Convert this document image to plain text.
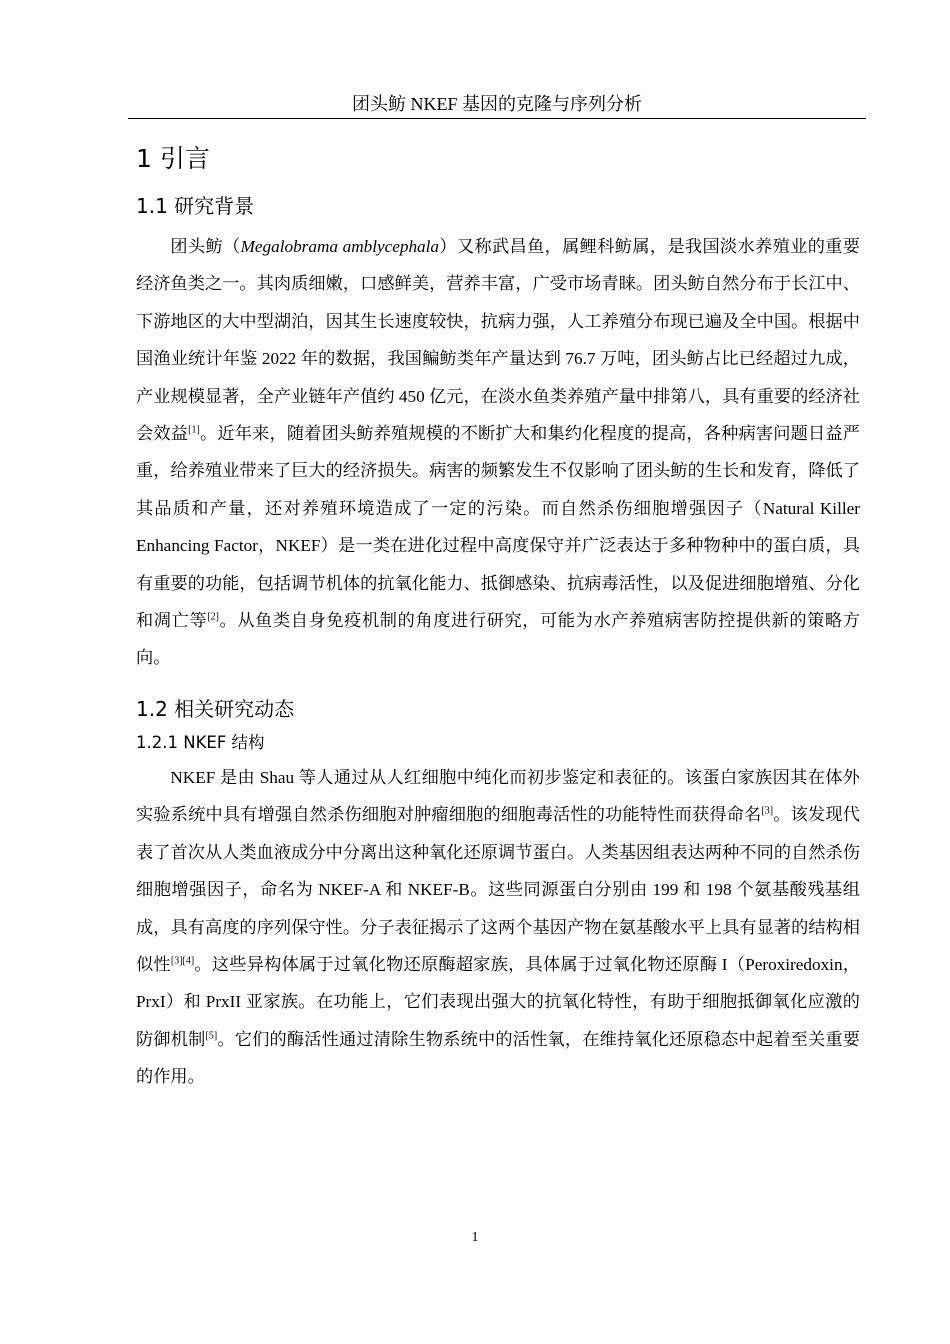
团头鲂 NKEF 基因的克隆与序列分析
1 引言
1.1 研究背景

团头鲂（Megalobrama amblycephala）又称武昌鱼，属鲤科鲂属，是我国淡水养殖业的重要经济鱼类之一。其肉质细嫩，口感鲜美，营养丰富，广受市场青睐。团头鲂自然分布于长江中、下游地区的大中型湖泊，因其生长速度较快，抗病力强，人工养殖分布现已遍及全中国。根据中国渔业统计年鉴 2022 年的数据，我国鳊鲂类年产量达到 76.7 万吨，团头鲂占比已经超过九成，产业规模显著，全产业链年产值约 450 亿元，在淡水鱼类养殖产量中排第八，具有重要的经济社会效益[1]。近年来，随着团头鲂养殖规模的不断扩大和集约化程度的提高，各种病害问题日益严重，给养殖业带来了巨大的经济损失。病害的频繁发生不仅影响了团头鲂的生长和发育，降低了其品质和产量，还对养殖环境造成了一定的污染。而自然杀伤细胞增强因子（Natural Killer Enhancing Factor，NKEF）是一类在进化过程中高度保守并广泛表达于多种物种中的蛋白质，具有重要的功能，包括调节机体的抗氧化能力、抵御感染、抗病毒活性，以及促进细胞增殖、分化和凋亡等[2]。从鱼类自身免疫机制的角度进行研究，可能为水产养殖病害防控提供新的策略方向。

1.2 相关研究动态
1.2.1 NKEF 结构

NKEF 是由 Shau 等人通过从人红细胞中纯化而初步鉴定和表征的。该蛋白家族因其在体外实验系统中具有增强自然杀伤细胞对肿瘤细胞的细胞毒活性的功能特性而获得命名[3]。该发现代表了首次从人类血液成分中分离出这种氧化还原调节蛋白。人类基因组表达两种不同的自然杀伤细胞增强因子，命名为 NKEF-A 和 NKEF-B。这些同源蛋白分别由 199 和 198 个氨基酸残基组成，具有高度的序列保守性。分子表征揭示了这两个基因产物在氨基酸水平上具有显著的结构相似性[3][4]。这些异构体属于过氧化物还原酶超家族，具体属于过氧化物还原酶 I（Peroxiredoxin，PrxI）和 PrxII 亚家族。在功能上，它们表现出强大的抗氧化特性，有助于细胞抵御氧化应激的防御机制[5]。它们的酶活性通过清除生物系统中的活性氧，在维持氧化还原稳态中起着至关重要的作用。

1
